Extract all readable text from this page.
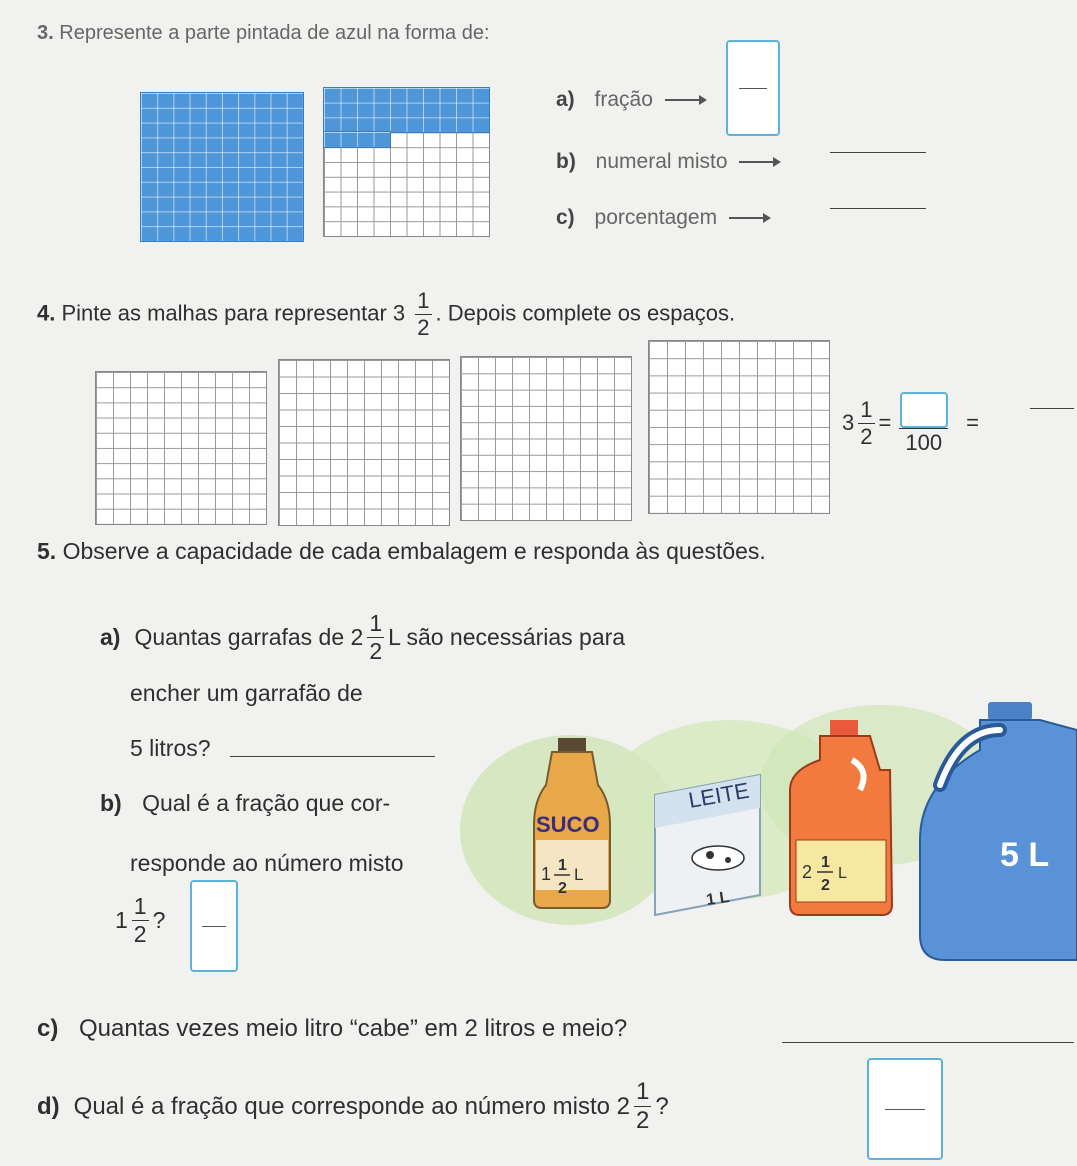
3. Represente a parte pintada de azul na forma de:
a) fração
b) numeral misto
c) porcentagem
4. Pinte as malhas para representar $3 \frac{1}{2}$ . Depois complete os espaços.
$3 \frac{1}{2}$ =
100
=
5. Observe a capacidade de cada embalagem e responda às questões.
a) Quantas garrafas de $2 \frac{1}{2}$ L são necessárias para
encher um garrafão de
5 litros?
b) Qual é a fração que cor-
responde ao número misto
$1 \frac{1}{2}$ ?
c) Quantas vezes meio litro “cabe” em 2 litros e meio?
d) Qual é a fração que corresponde ao número misto $2 \frac{1}{2}$ ?
SUCO
1 1
2
L
LEITE
1 L
2 1
2
L	5 L
